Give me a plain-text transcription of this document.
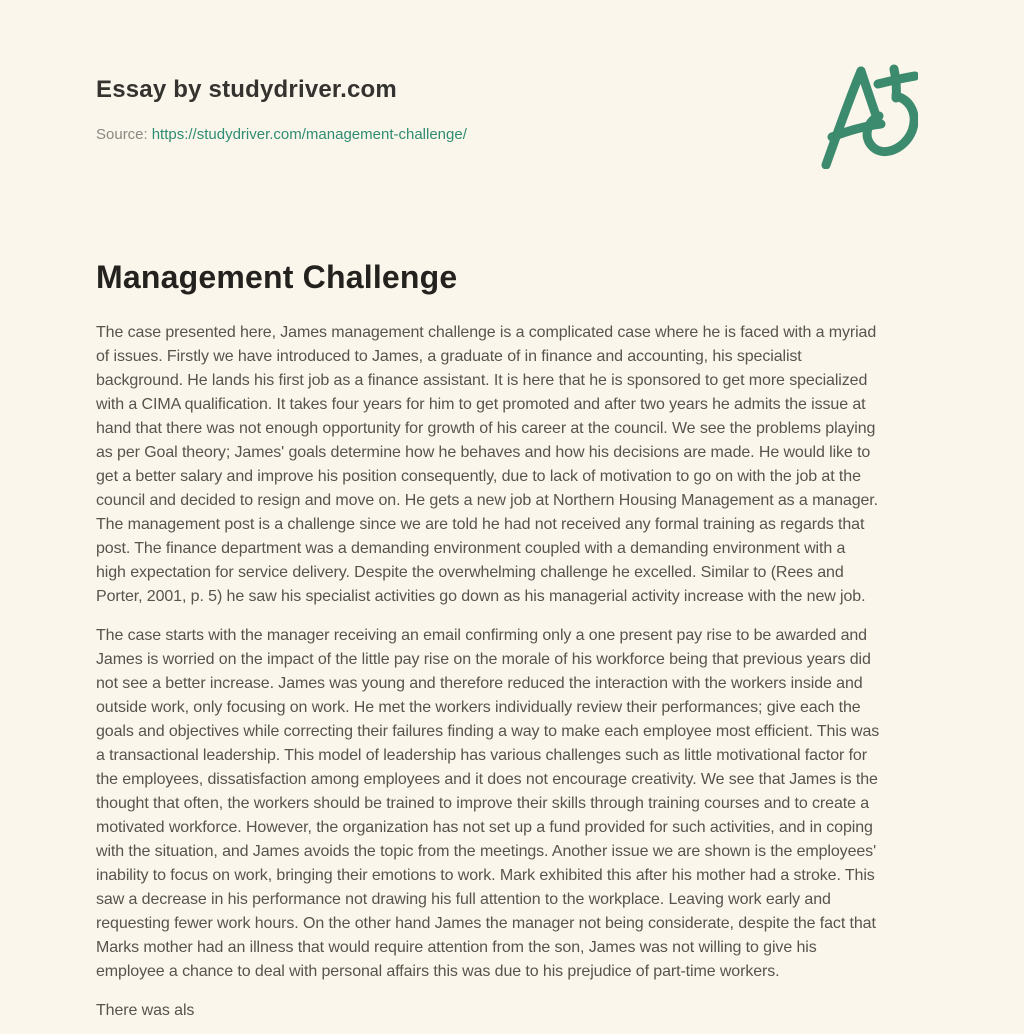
Essay by studydriver.com
Source: https://studydriver.com/management-challenge/
Management Challenge
The case presented here, James management challenge is a complicated case where he is faced with a myriad
of issues. Firstly we have introduced to James, a graduate of in finance and accounting, his specialist
background. He lands his first job as a finance assistant. It is here that he is sponsored to get more specialized
with a CIMA qualification. It takes four years for him to get promoted and after two years he admits the issue at
hand that there was not enough opportunity for growth of his career at the council. We see the problems playing
as per Goal theory; James' goals determine how he behaves and how his decisions are made. He would like to
get a better salary and improve his position consequently, due to lack of motivation to go on with the job at the
council and decided to resign and move on. He gets a new job at Northern Housing Management as a manager.
The management post is a challenge since we are told he had not received any formal training as regards that
post. The finance department was a demanding environment coupled with a demanding environment with a
high expectation for service delivery. Despite the overwhelming challenge he excelled. Similar to (Rees and
Porter, 2001, p. 5) he saw his specialist activities go down as his managerial activity increase with the new job.
The case starts with the manager receiving an email confirming only a one present pay rise to be awarded and
James is worried on the impact of the little pay rise on the morale of his workforce being that previous years did
not see a better increase. James was young and therefore reduced the interaction with the workers inside and
outside work, only focusing on work. He met the workers individually review their performances; give each the
goals and objectives while correcting their failures finding a way to make each employee most efficient. This was
a transactional leadership. This model of leadership has various challenges such as little motivational factor for
the employees, dissatisfaction among employees and it does not encourage creativity. We see that James is the
thought that often, the workers should be trained to improve their skills through training courses and to create a
motivated workforce. However, the organization has not set up a fund provided for such activities, and in coping
with the situation, and James avoids the topic from the meetings. Another issue we are shown is the employees'
inability to focus on work, bringing their emotions to work. Mark exhibited this after his mother had a stroke. This
saw a decrease in his performance not drawing his full attention to the workplace. Leaving work early and
requesting fewer work hours. On the other hand James the manager not being considerate, despite the fact that
Marks mother had an illness that would require attention from the son, James was not willing to give his
employee a chance to deal with personal affairs this was due to his prejudice of part-time workers.
There was als
